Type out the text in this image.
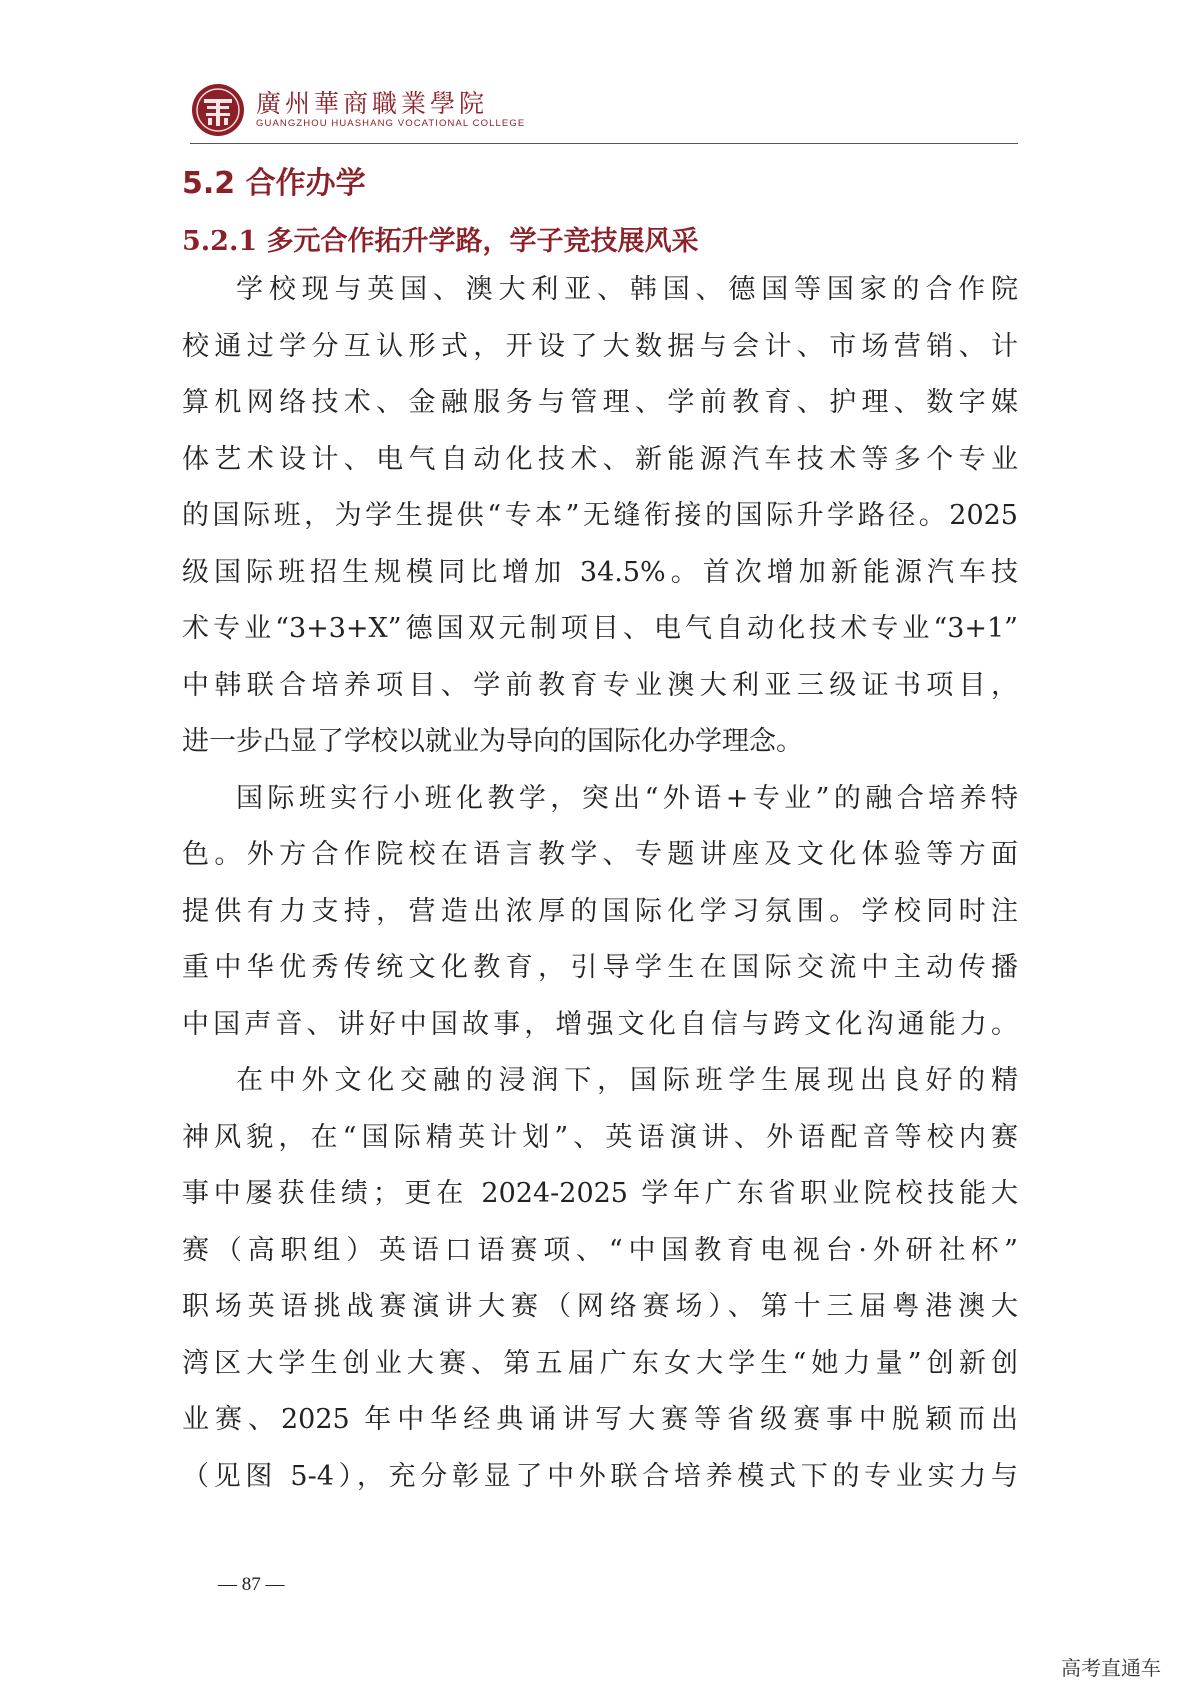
廣州華商職業學院
GUANGZHOU HUASHANG VOCATIONAL COLLEGE
5.2 合作办学
5.2.1 多元合作拓升学路，学子竞技展风采
学校现与英国、澳大利亚、韩国、德国等国家的合作院
校通过学分互认形式，开设了大数据与会计、市场营销、计
算机网络技术、金融服务与管理、学前教育、护理、数字媒
体艺术设计、电气自动化技术、新能源汽车技术等多个专业
的国际班，为学生提供“专本”无缝衔接的国际升学路径。2025
级国际班招生规模同比增加 34.5%。首次增加新能源汽车技
术专业“3+3+X”德国双元制项目、电气自动化技术专业“3+1”
中韩联合培养项目、学前教育专业澳大利亚三级证书项目，
进一步凸显了学校以就业为导向的国际化办学理念。
国际班实行小班化教学，突出“外语+专业”的融合培养特
色。外方合作院校在语言教学、专题讲座及文化体验等方面
提供有力支持，营造出浓厚的国际化学习氛围。学校同时注
重中华优秀传统文化教育，引导学生在国际交流中主动传播
中国声音、讲好中国故事，增强文化自信与跨文化沟通能力。
在中外文化交融的浸润下，国际班学生展现出良好的精
神风貌，在“国际精英计划”、英语演讲、外语配音等校内赛
事中屡获佳绩；更在 2024-2025 学年广东省职业院校技能大
赛（高职组）英语口语赛项、“中国教育电视台·外研社杯”
职场英语挑战赛演讲大赛（网络赛场）、第十三届粤港澳大
湾区大学生创业大赛、第五届广东女大学生“她力量”创新创
业赛、2025 年中华经典诵讲写大赛等省级赛事中脱颖而出
（见图 5-4），充分彰显了中外联合培养模式下的专业实力与
— 87 —
高考直通车
